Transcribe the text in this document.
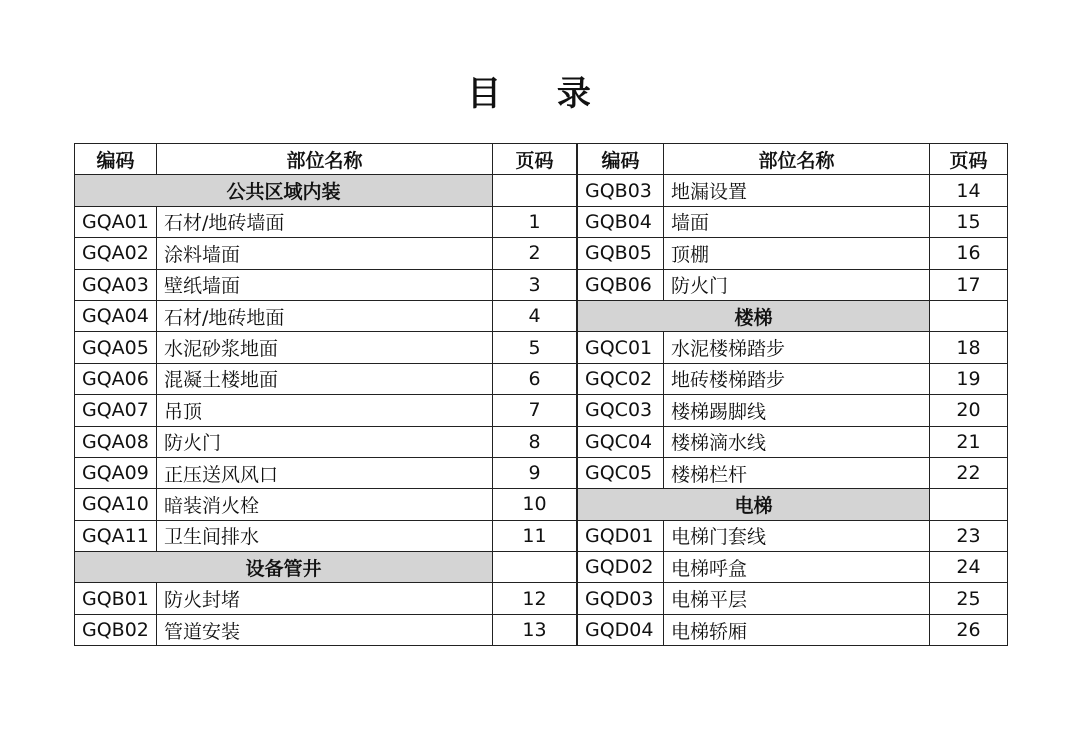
目 录
编码	部位名称	页码		编码	部位名称	页码
公共区域内装			GQB03	地漏设置	14
GQA01	石材/地砖墙面	1		GQB04	墙面	15
GQA02	涂料墙面	2		GQB05	顶棚	16
GQA03	壁纸墙面	3		GQB06	防火门	17
GQA04	石材/地砖地面	4		楼梯		
GQA05	水泥砂浆地面	5		GQC01	水泥楼梯踏步	18
GQA06	混凝土楼地面	6		GQC02	地砖楼梯踏步	19
GQA07	吊顶	7		GQC03	楼梯踢脚线	20
GQA08	防火门	8		GQC04	楼梯滴水线	21
GQA09	正压送风风口	9		GQC05	楼梯栏杆	22
GQA10	暗装消火栓	10		电梯		
GQA11	卫生间排水	11		GQD01	电梯门套线	23
设备管井			GQD02	电梯呼盒	24
GQB01	防火封堵	12		GQD03	电梯平层	25
GQB02	管道安装	13		GQD04	电梯轿厢	26
